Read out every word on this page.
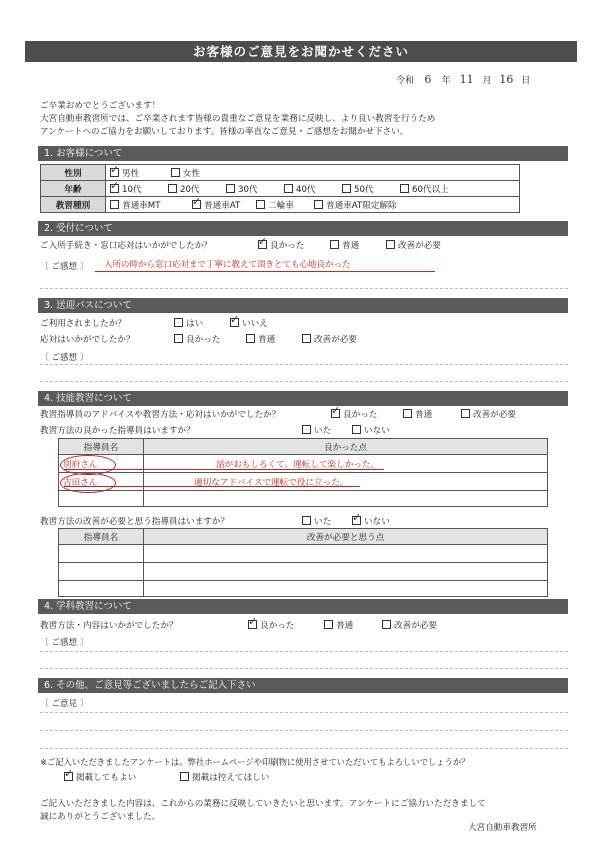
お客様のご意見をお聞かせください
令和 6 年 11 月 16 日
ご卒業おめでとうございます！
大宮自動車教習所では、ご卒業されます皆様の貴重なご意見を業務に反映し、より良い教習を行うため
アンケートへのご協力をお願いしております。皆様の率直なご意見・ご感想をお聞かせ下さい。
1. お客様について
性別	✓男性 女性
年齢	✓10代 20代 30代 40代 50代 60代以上
教習種別	普通車MT ✓ 普通車AT 二輪車 普通車AT限定解除
2. 受付について
ご入所手続き・窓口応対はいかがでしたか？ ✓	良かった	普通	改善が必要
〔 ご感想 〕 入所の時から窓口応対まで丁寧に教えて頂きとても心地良かった
3. 送迎バスについて
ご利用されましたか？	はい ✓	いいえ
応対はいかがでしたか？	良かった	普通	改善が必要
〔 ご感想 〕
4. 技能教習について
教習指導員のアドバイスや教習方法・応対はいかがでしたか？ ✓	良かった	普通	改善が必要
教習方法の良かった指導員はいますか？	いた	いない
指導員名	良かった点
別府さん	話がおもしろくて、運転して楽しかった。
吉田さん	適切なアドバイスで運転で役に立った。

教習方法の改善が必要と思う指導員はいますか？	いた ✓	いない
指導員名	改善が必要と思う点

4. 学科教習について
教習方法・内容はいかがでしたか？ ✓	良かった	普通	改善が必要
〔 ご感想 〕
6. その他、ご意見等ございましたらご記入下さい
〔 ご意見 〕
※ご記入いただきましたアンケートは、弊社ホームページや印刷物に使用させていただいてもよろしいでしょうか？
✓掲載してもよい	掲載は控えてほしい
ご記入いただきました内容は、これからの業務に反映していきたいと思います。アンケートにご協力いただきまして
誠にありがとうございました。
大宮自動車教習所
